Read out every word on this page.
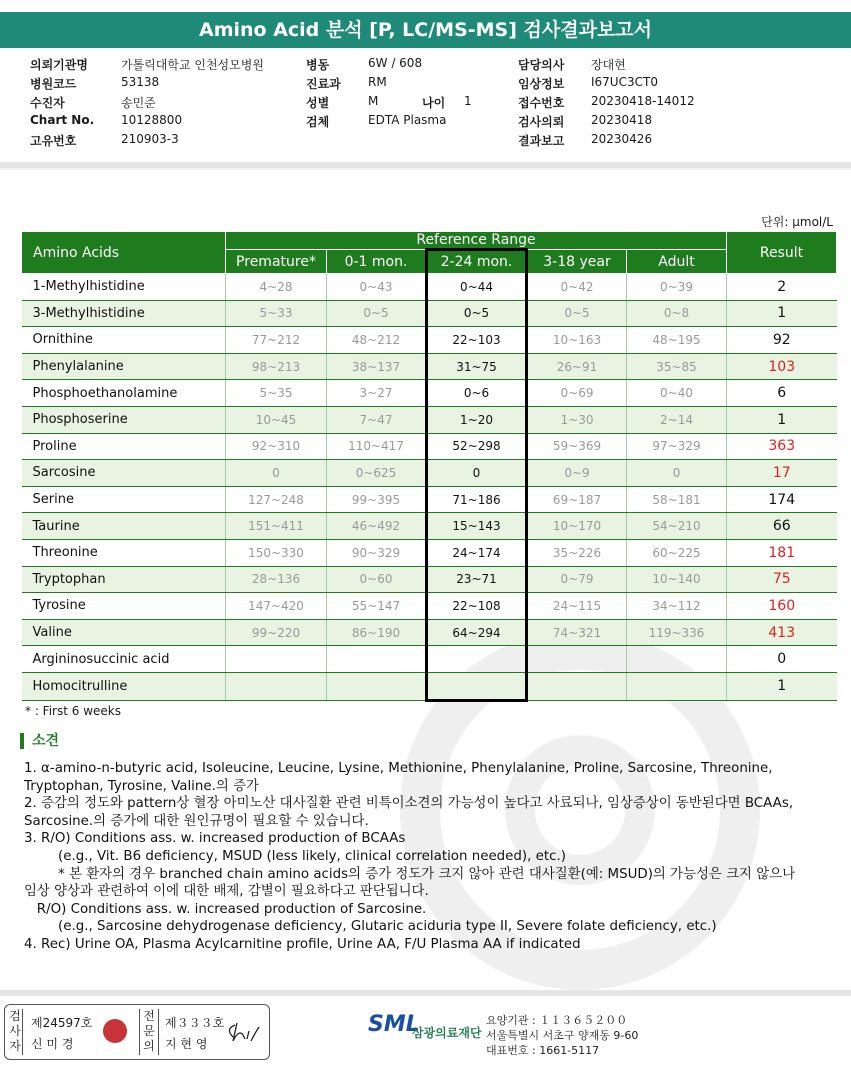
Amino Acid 분석 [P, LC/MS-MS] 검사결과보고서
의뢰기관명	가톨릭대학교 인천성모병원	병동	6W / 608	담당의사 장대현
병원코드	53138	진료과 RM	임상정보 I67UC3CT0
수진자	송민준	성별	M	나이 1	접수번호 20230418-14012
Chart No. 10128800	검체	EDTA Plasma	검사의뢰 20230418
고유번호	210903-3	결과보고 20230426
단위: μmol/L
Amino Acids	Reference Range					Result
	Premature*	0-1 mon.	2-24 mon.	3-18 year	Adult	
1-Methylhistidine	4~28	0~43	0~44	0~42	0~39	2
3-Methylhistidine	5~33	0~5	0~5	0~5	0~8	1
Ornithine	77~212	48~212	22~103	10~163	48~195	92
Phenylalanine	98~213	38~137	31~75	26~91	35~85	103
Phosphoethanolamine	5~35	3~27	0~6	0~69	0~40	6
Phosphoserine	10~45	7~47	1~20	1~30	2~14	1
Proline	92~310	110~417	52~298	59~369	97~329	363
Sarcosine	0	0~625	0	0~9	0	17
Serine	127~248	99~395	71~186	69~187	58~181	174
Taurine	151~411	46~492	15~143	10~170	54~210	66
Threonine	150~330	90~329	24~174	35~226	60~225	181
Tryptophan	28~136	0~60	23~71	0~79	10~140	75
Tyrosine	147~420	55~147	22~108	24~115	34~112	160
Valine	99~220	86~190	64~294	74~321	119~336	413
Argininosuccinic acid						0
Homocitrulline						1
* : First 6 weeks
소견
1. α-amino-n-butyric acid, Isoleucine, Leucine, Lysine, Methionine, Phenylalanine, Proline, Sarcosine, Threonine,
Tryptophan, Tyrosine, Valine.의 증가
2. 증감의 정도와 pattern상 혈장 아미노산 대사질환 관련 비특이소견의 가능성이 높다고 사료되나, 임상증상이 동반된다면 BCAAs,
Sarcosine.의 증가에 대한 원인규명이 필요할 수 있습니다.
3. R/O) Conditions ass. w. increased production of BCAAs
(e.g., Vit. B6 deficiency, MSUD (less likely, clinical correlation needed), etc.)
* 본 환자의 경우 branched chain amino acids의 증가 정도가 크지 않아 관련 대사질환(예: MSUD)의 가능성은 크지 않으나
임상 양상과 관련하여 이에 대한 배제, 감별이 필요하다고 판단됩니다.
R/O) Conditions ass. w. increased production of Sarcosine.
(e.g., Sarcosine dehydrogenase deficiency, Glutaric aciduria type II, Severe folate deficiency, etc.)
4. Rec) Urine OA, Plasma Acylcarnitine profile, Urine AA, F/U Plasma AA if indicated
검사자
제24597호
신 미 경
전문의
제３３３호
지 현 영
SML
삼광의료재단
요양기관 : １１３６５２００
서울특별시 서초구 양재동 9-60
대표번호 : 1661-5117
